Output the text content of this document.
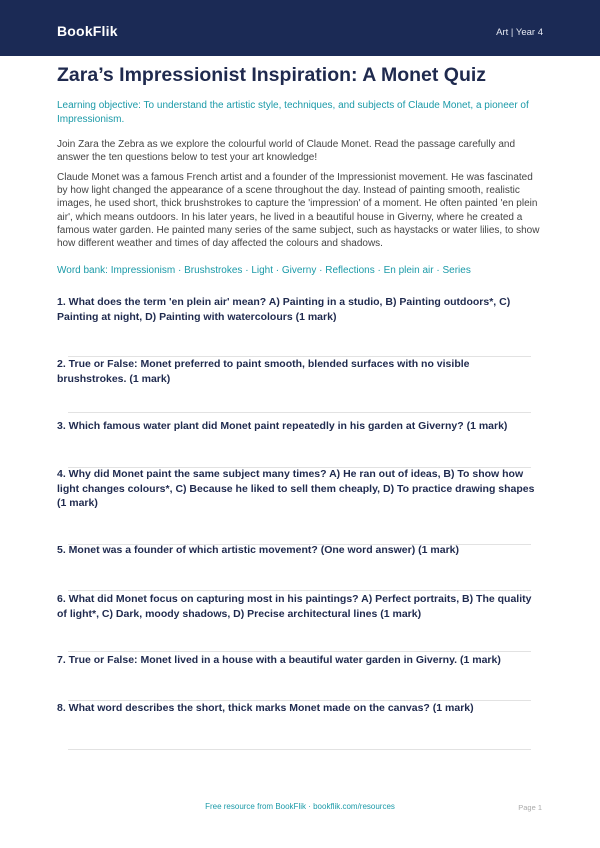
BookFlik	Art | Year 4
Zara’s Impressionist Inspiration: A Monet Quiz
Learning objective: To understand the artistic style, techniques, and subjects of Claude Monet, a pioneer of Impressionism.
Join Zara the Zebra as we explore the colourful world of Claude Monet. Read the passage carefully and answer the ten questions below to test your art knowledge!
Claude Monet was a famous French artist and a founder of the Impressionist movement. He was fascinated by how light changed the appearance of a scene throughout the day. Instead of painting smooth, realistic images, he used short, thick brushstrokes to capture the 'impression' of a moment. He often painted 'en plein air', which means outdoors. In his later years, he lived in a beautiful house in Giverny, where he created a famous water garden. He painted many series of the same subject, such as haystacks or water lilies, to show how different weather and times of day affected the colours and shadows.
Word bank: Impressionism · Brushstrokes · Light · Giverny · Reflections · En plein air · Series
1. What does the term 'en plein air' mean? A) Painting in a studio, B) Painting outdoors*, C) Painting at night, D) Painting with watercolours (1 mark)
2. True or False: Monet preferred to paint smooth, blended surfaces with no visible brushstrokes. (1 mark)
3. Which famous water plant did Monet paint repeatedly in his garden at Giverny? (1 mark)
4. Why did Monet paint the same subject many times? A) He ran out of ideas, B) To show how light changes colours*, C) Because he liked to sell them cheaply, D) To practice drawing shapes (1 mark)
5. Monet was a founder of which artistic movement? (One word answer) (1 mark)
6. What did Monet focus on capturing most in his paintings? A) Perfect portraits, B) The quality of light*, C) Dark, moody shadows, D) Precise architectural lines (1 mark)
7. True or False: Monet lived in a house with a beautiful water garden in Giverny. (1 mark)
8. What word describes the short, thick marks Monet made on the canvas? (1 mark)
Free resource from BookFlik · bookflik.com/resources	Page 1
